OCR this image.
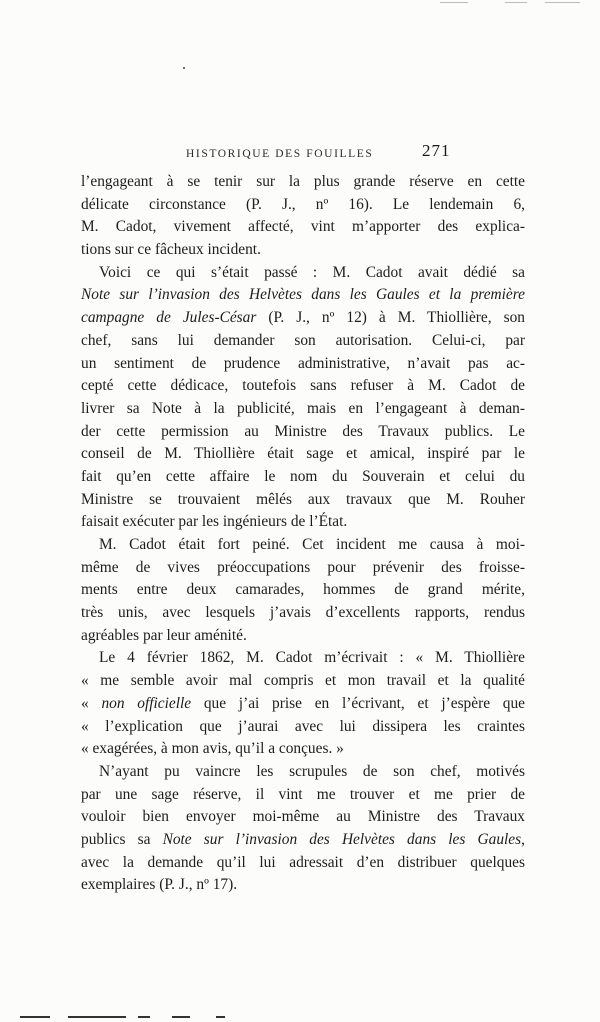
HISTORIQUE DES FOUILLES	271

l’engageant à se tenir sur la plus grande réserve en cette
délicate circonstance (P. J., nº 16). Le lendemain 6,
M. Cadot, vivement affecté, vint m’apporter des explica-
tions sur ce fâcheux incident.

Voici ce qui s’était passé : M. Cadot avait dédié sa
Note sur l’invasion des Helvètes dans les Gaules et la première
campagne de Jules-César (P. J., nº 12) à M. Thiollière, son
chef, sans lui demander son autorisation. Celui-ci, par
un sentiment de prudence administrative, n’avait pas ac-
cepté cette dédicace, toutefois sans refuser à M. Cadot de
livrer sa Note à la publicité, mais en l’engageant à deman-
der cette permission au Ministre des Travaux publics. Le
conseil de M. Thiollière était sage et amical, inspiré par le
fait qu’en cette affaire le nom du Souverain et celui du
Ministre se trouvaient mêlés aux travaux que M. Rouher
faisait exécuter par les ingénieurs de l’État.

M. Cadot était fort peiné. Cet incident me causa à moi-
même de vives préoccupations pour prévenir des froisse-
ments entre deux camarades, hommes de grand mérite,
très unis, avec lesquels j’avais d’excellents rapports, rendus
agréables par leur aménité.

Le 4 février 1862, M. Cadot m’écrivait : « M. Thiollière
« me semble avoir mal compris et mon travail et la qualité
« non officielle que j’ai prise en l’écrivant, et j’espère que
« l’explication que j’aurai avec lui dissipera les craintes
« exagérées, à mon avis, qu’il a conçues. »

N’ayant pu vaincre les scrupules de son chef, motivés
par une sage réserve, il vint me trouver et me prier de
vouloir bien envoyer moi-même au Ministre des Travaux
publics sa Note sur l’invasion des Helvètes dans les Gaules,
avec la demande qu’il lui adressait d’en distribuer quelques
exemplaires (P. J., nº 17).
